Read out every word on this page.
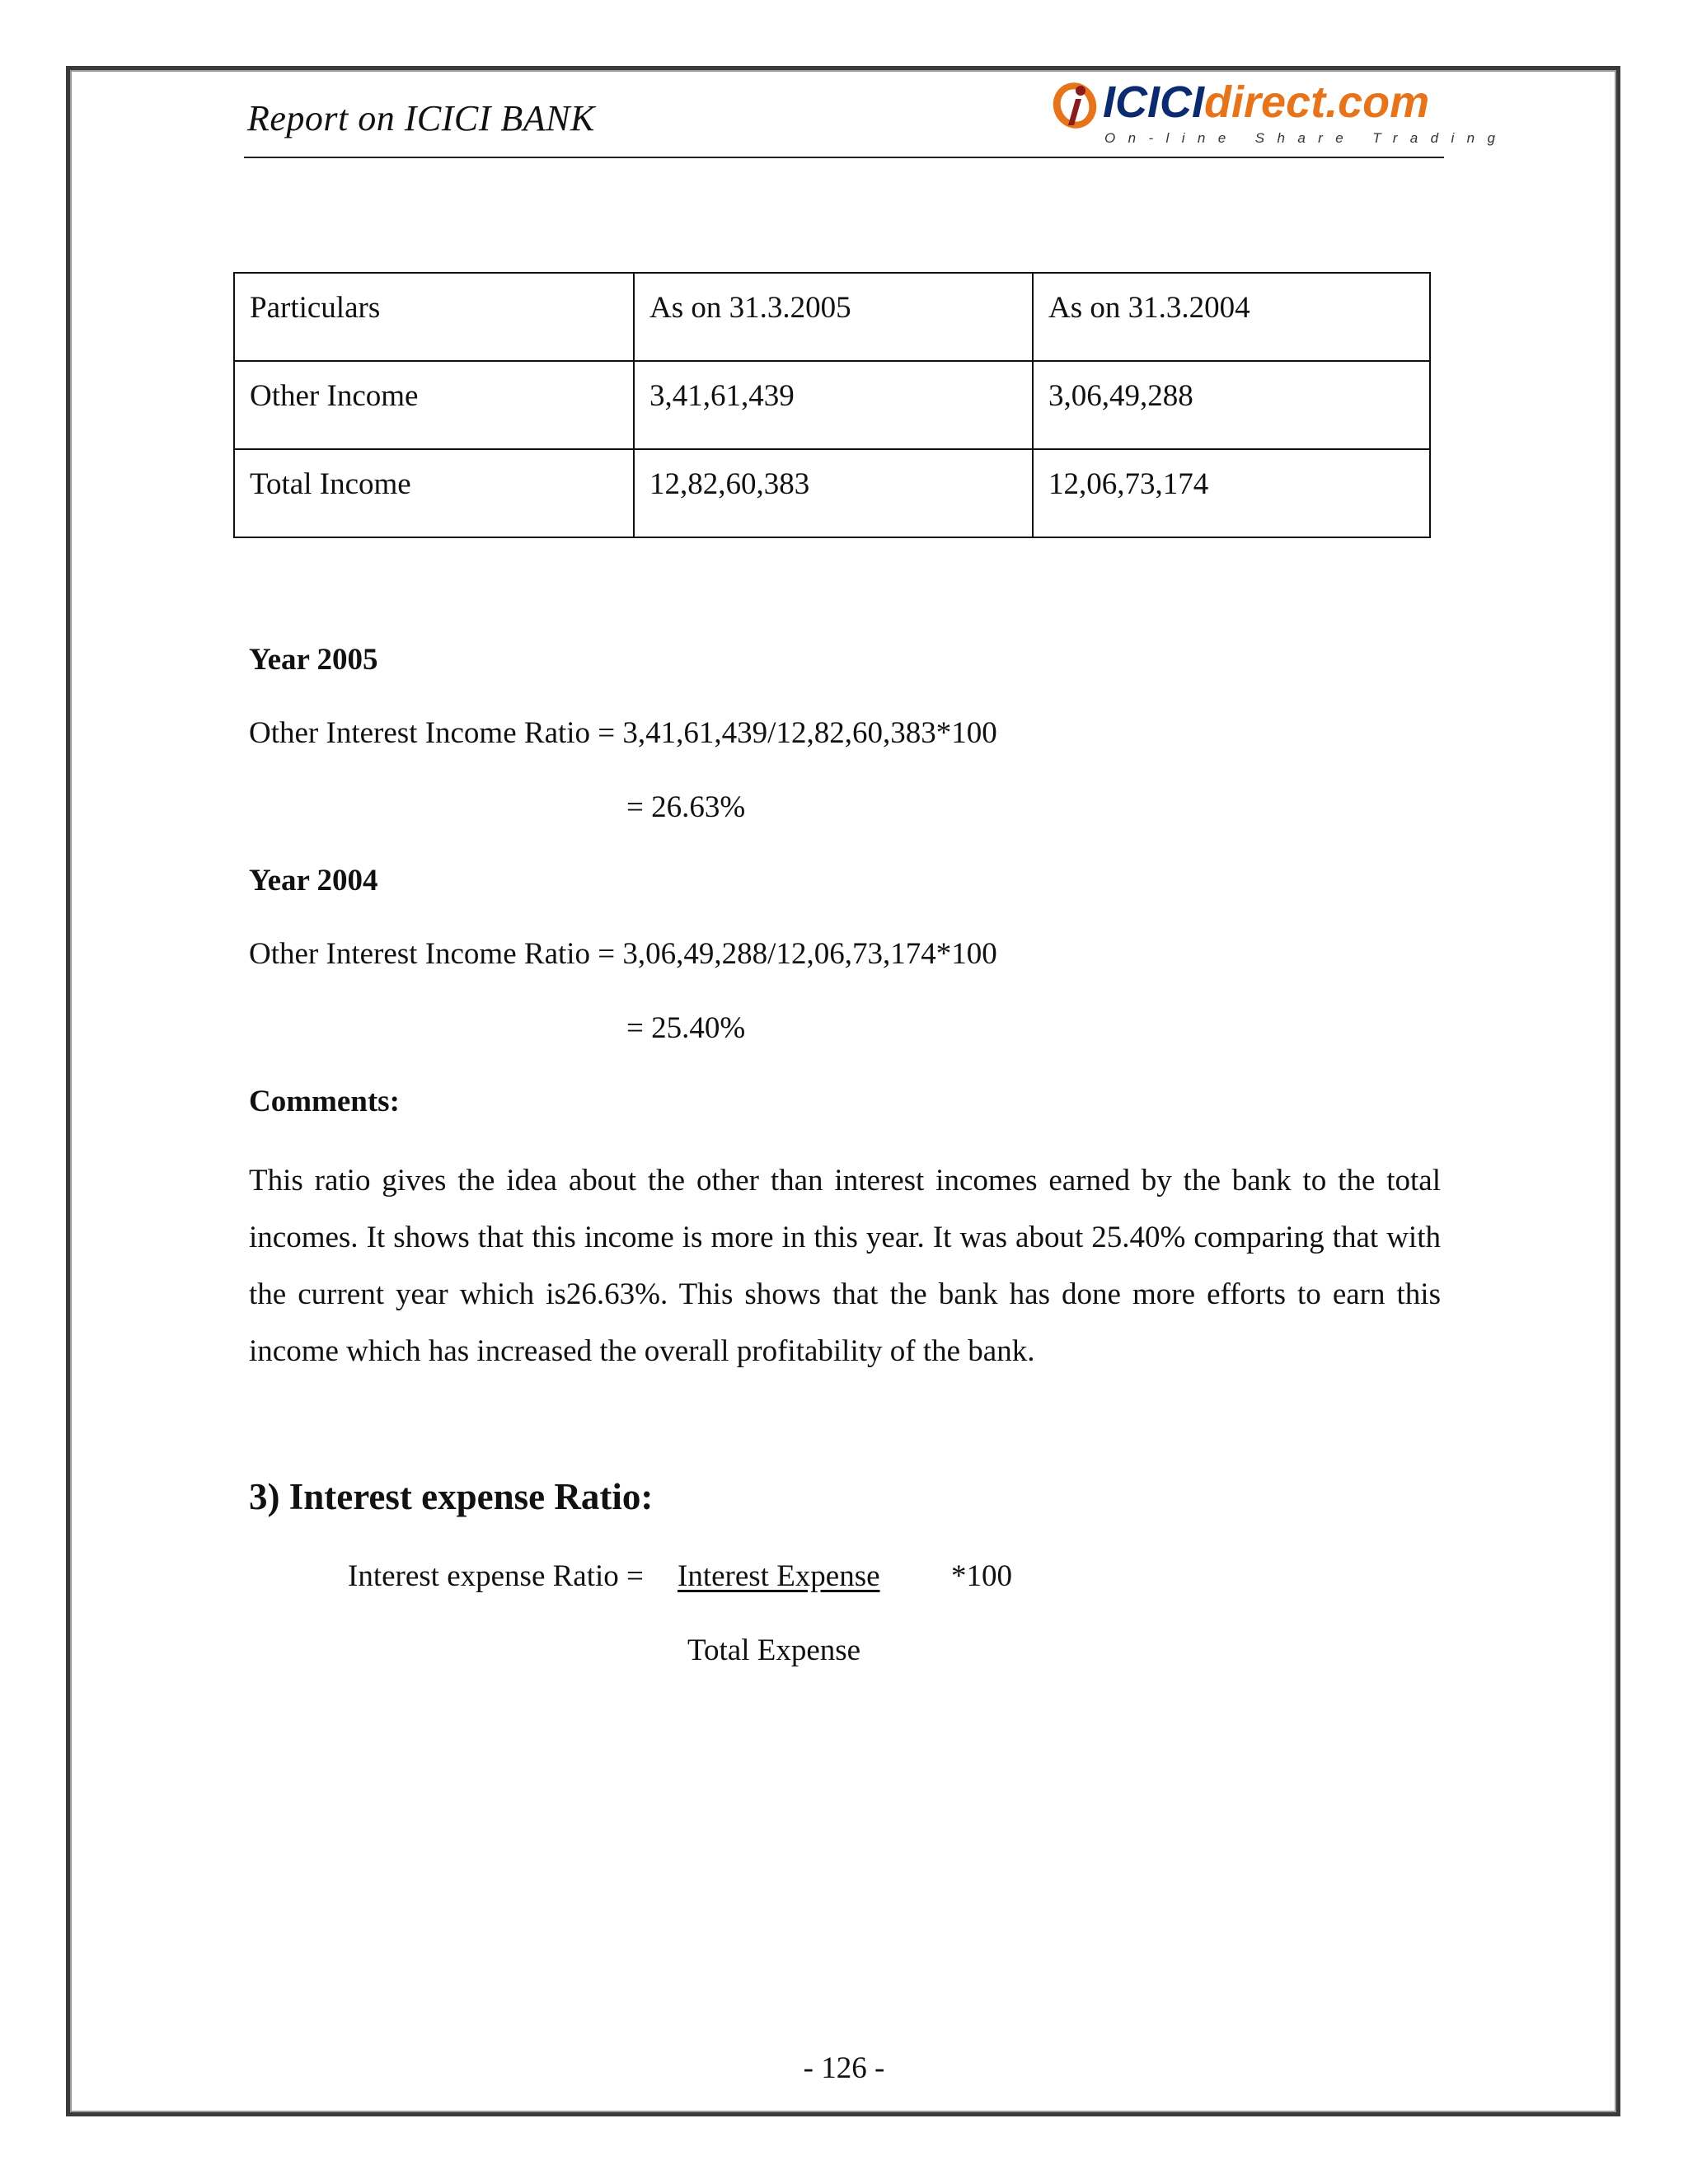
Report on ICICI BANK	ICICIdirect.com
On-line Share Trading
Particulars	As on 31.3.2005	As on 31.3.2004
Other Income	3,41,61,439	3,06,49,288
Total Income	12,82,60,383	12,06,73,174
Year 2005
Other Interest Income Ratio = 3,41,61,439/12,82,60,383*100
= 26.63%
Year 2004
Other Interest Income Ratio = 3,06,49,288/12,06,73,174*100
= 25.40%
Comments:

This ratio gives the idea about the other than interest incomes earned by the bank to the total incomes. It shows that this income is more in this year. It was about 25.40% comparing that with the current year which is26.63%. This shows that the bank has done more efforts to earn this income which has increased the overall profitability of the bank.

3) Interest expense Ratio:
Interest expense Ratio = Interest Expense *100
Total Expense
- 126 -
